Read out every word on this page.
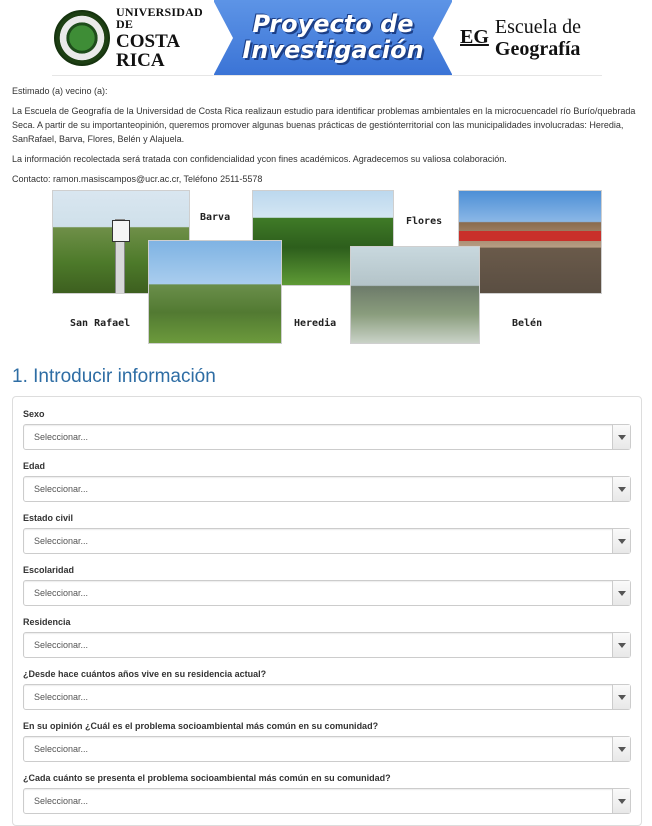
UNIVERSIDAD DE
COSTA RICA
Proyecto de
Investigación EG Escuela de
Geografía

Estimado (a) vecino (a):

La Escuela de Geografía de la Universidad de Costa Rica realizaun estudio para identificar problemas ambientales en la microcuencadel río Burío/quebrada Seca. A partir de su importanteopinión, queremos promover algunas buenas prácticas de gestiónterritorial con las municipalidades involucradas: Heredia, SanRafael, Barva, Flores, Belén y Alajuela.

La información recolectada será tratada con confidencialidad ycon fines académicos. Agradecemos su valiosa colaboración.

Contacto: ramon.masiscampos@ucr.ac.cr, Teléfono 2511-5578

Barva	Flores
San Rafael	Heredia	Belén
1. Introducir información
Sexo
Seleccionar...
Edad
Seleccionar...
Estado civil
Seleccionar...
Escolaridad
Seleccionar...
Residencia
Seleccionar...
¿Desde hace cuántos años vive en su residencia actual?
Seleccionar...
En su opinión ¿Cuál es el problema socioambiental más común en su comunidad?
Seleccionar...
¿Cada cuánto se presenta el problema socioambiental más común en su comunidad?
Seleccionar...
